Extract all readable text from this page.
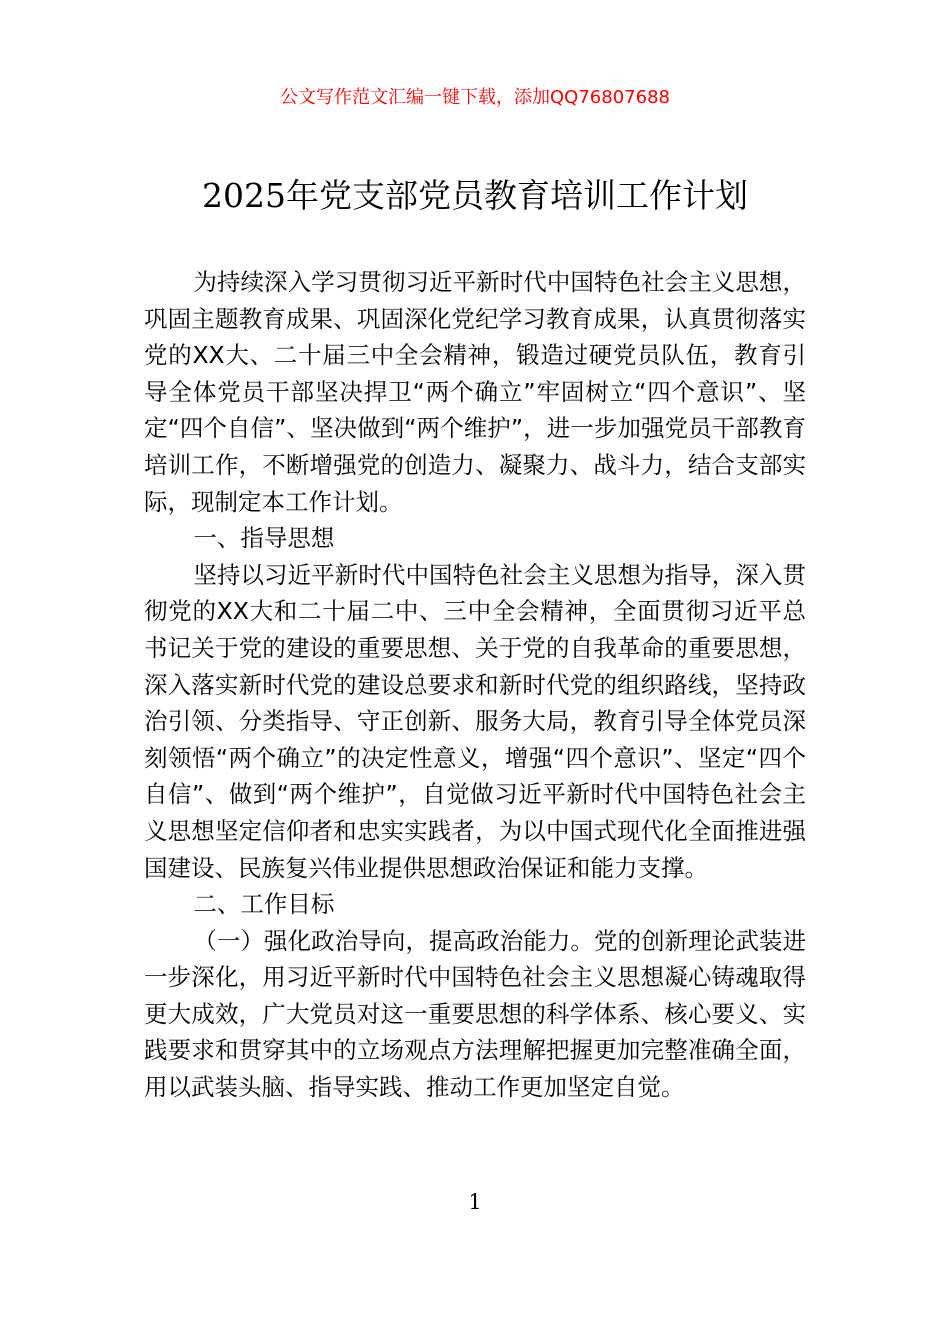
公文写作范文汇编一键下载，添加QQ76807688
2025年党支部党员教育培训工作计划

为持续深入学习贯彻习近平新时代中国特色社会主义思想，巩固主题教育成果、巩固深化党纪学习教育成果，认真贯彻落实党的XX大、二十届三中全会精神，锻造过硬党员队伍，教育引导全体党员干部坚决捍卫“两个确立”牢固树立“四个意识”、坚定“四个自信”、坚决做到“两个维护”，进一步加强党员干部教育培训工作，不断增强党的创造力、凝聚力、战斗力，结合支部实际，现制定本工作计划。

一、指导思想

坚持以习近平新时代中国特色社会主义思想为指导，深入贯彻党的XX大和二十届二中、三中全会精神，全面贯彻习近平总书记关于党的建设的重要思想、关于党的自我革命的重要思想，深入落实新时代党的建设总要求和新时代党的组织路线，坚持政治引领、分类指导、守正创新、服务大局，教育引导全体党员深刻领悟“两个确立”的决定性意义，增强“四个意识”、坚定“四个自信”、做到“两个维护”，自觉做习近平新时代中国特色社会主义思想坚定信仰者和忠实实践者，为以中国式现代化全面推进强国建设、民族复兴伟业提供思想政治保证和能力支撑。

二、工作目标

（一）强化政治导向，提高政治能力。党的创新理论武装进一步深化，用习近平新时代中国特色社会主义思想凝心铸魂取得更大成效，广大党员对这一重要思想的科学体系、核心要义、实践要求和贯穿其中的立场观点方法理解把握更加完整准确全面，用以武装头脑、指导实践、推动工作更加坚定自觉。

1
